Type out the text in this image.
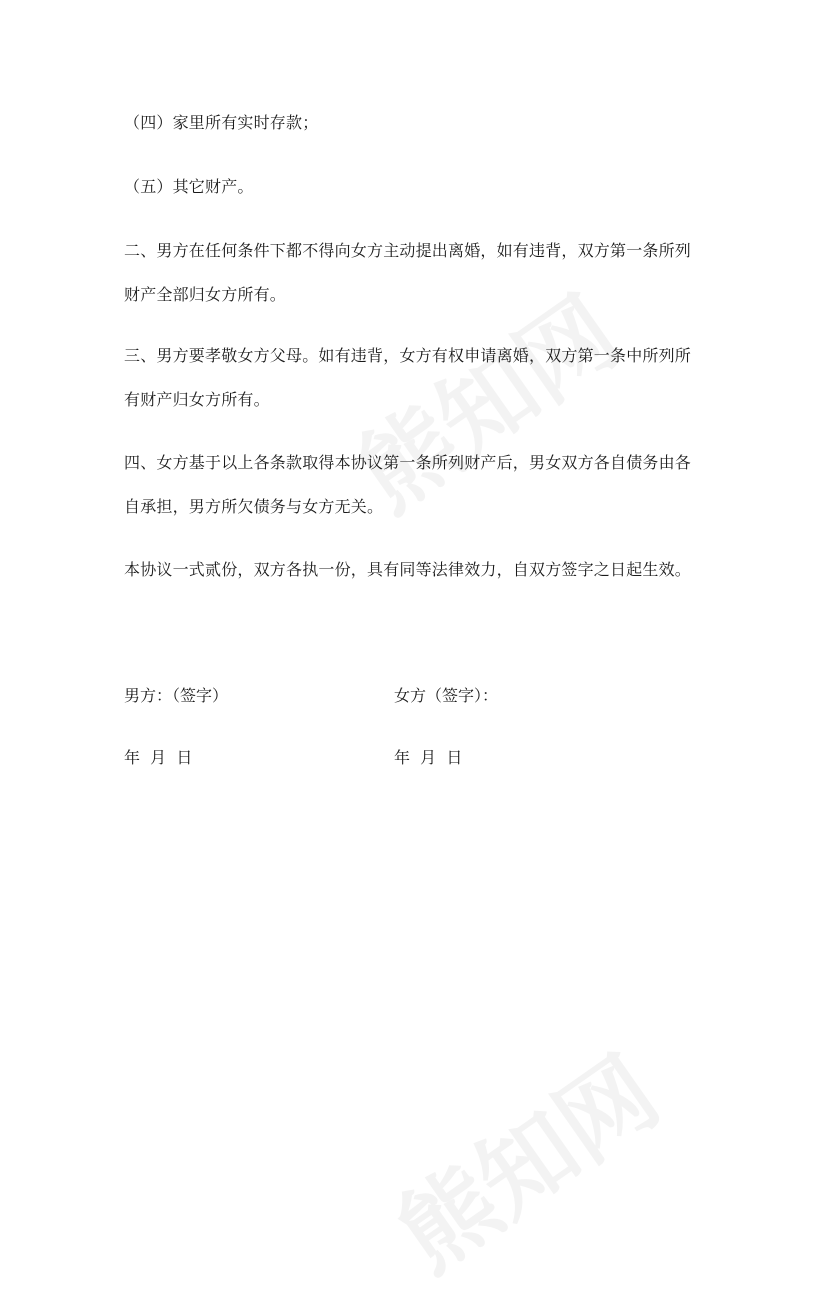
（四）家里所有实时存款；
（五）其它财产。
二、男方在任何条件下都不得向女方主动提出离婚，如有违背，双方第一条所列
财产全部归女方所有。
三、男方要孝敬女方父母。如有违背，女方有权申请离婚，双方第一条中所列所
有财产归女方所有。
四、女方基于以上各条款取得本协议第一条所列财产后，男女双方各自债务由各
自承担，男方所欠债务与女方无关。
本协议一式贰份，双方各执一份，具有同等法律效力，自双方签字之日起生效。
男方：（签字）	女方（签字）：
年  月  日	年  月  日
